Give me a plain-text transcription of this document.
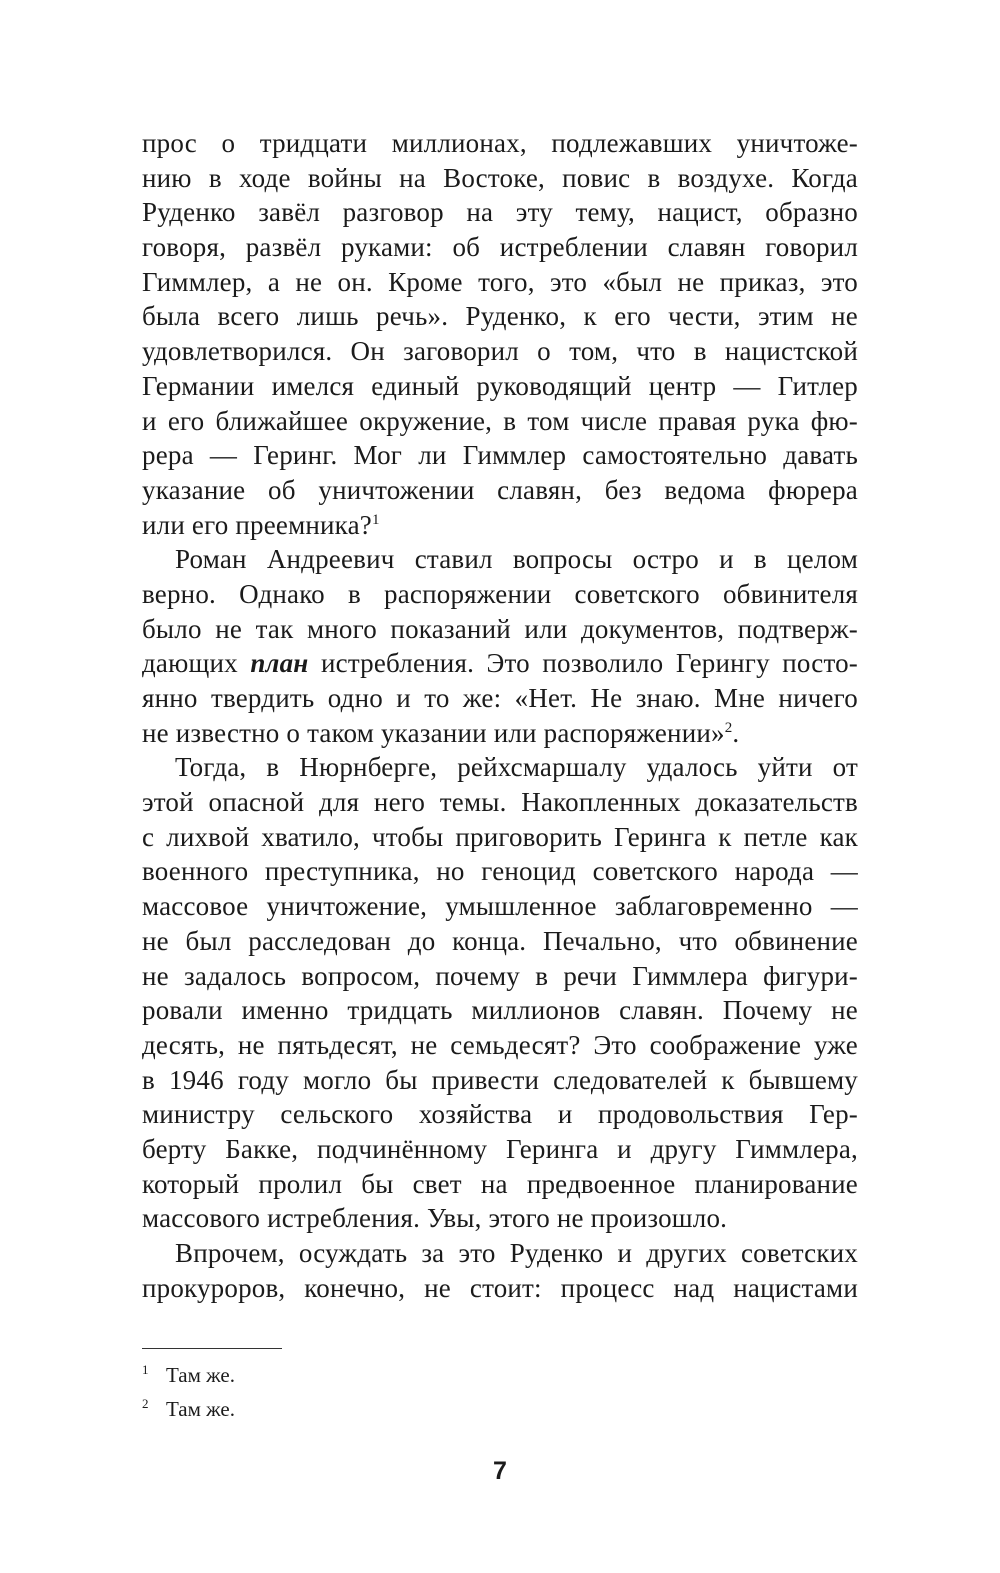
прос о тридцати миллионах, подлежавших уничтоже-
нию в ходе войны на Востоке, повис в воздухе. Когда
Руденко завёл разговор на эту тему, нацист, образно
говоря, развёл руками: об истреблении славян говорил
Гиммлер, а не он. Кроме того, это «был не приказ, это
была всего лишь речь». Руденко, к его чести, этим не
удовлетворился. Он заговорил о том, что в нацистской
Германии имелся единый руководящий центр — Гитлер
и его ближайшее окружение, в том числе правая рука фю-
рера — Геринг. Мог ли Гиммлер самостоятельно давать
указание об уничтожении славян, без ведома фюрера
или его преемника?$^1$
Роман Андреевич ставил вопросы остро и в целом
верно. Однако в распоряжении советского обвинителя
было не так много показаний или документов, подтверж-
дающих план истребления. Это позволило Герингу посто-
янно твердить одно и то же: «Нет. Не знаю. Мне ничего
не известно о таком указании или распоряжении»$^2$.
Тогда, в Нюрнберге, рейхсмаршалу удалось уйти от
этой опасной для него темы. Накопленных доказательств
с лихвой хватило, чтобы приговорить Геринга к петле как
военного преступника, но геноцид советского народа —
массовое уничтожение, умышленное заблаговременно —
не был расследован до конца. Печально, что обвинение
не задалось вопросом, почему в речи Гиммлера фигури-
ровали именно тридцать миллионов славян. Почему не
десять, не пятьдесят, не семьдесят? Это соображение уже
в 1946 году могло бы привести следователей к бывшему
министру сельского хозяйства и продовольствия Гер-
берту Бакке, подчинённому Геринга и другу Гиммлера,
который пролил бы свет на предвоенное планирование
массового истребления. Увы, этого не произошло.
Впрочем, осуждать за это Руденко и других советских
прокуроров, конечно, не стоит: процесс над нацистами
1 Там же.
2 Там же.
7
